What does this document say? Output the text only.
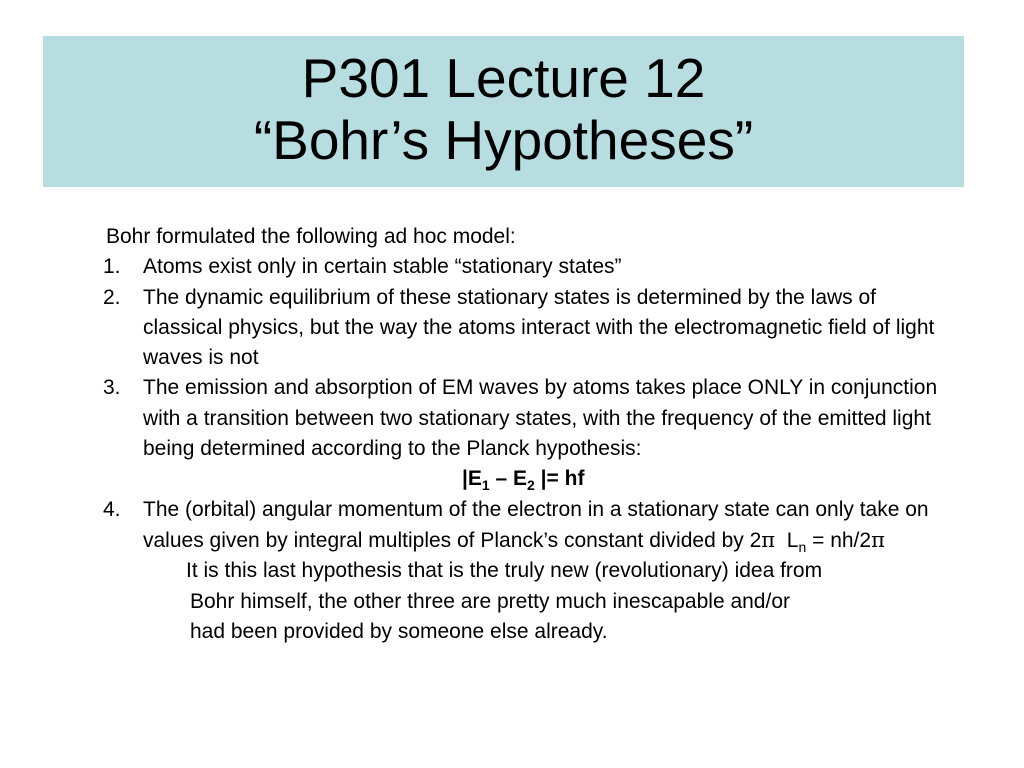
P301 Lecture 12
“Bohr’s Hypotheses”
Bohr formulated the following ad hoc model:
1.	Atoms exist only in certain stable “stationary states”
2.	The dynamic equilibrium of these stationary states is determined by the laws of classical physics, but the way the atoms interact with the electromagnetic field of light waves is not
3.	The emission and absorption of EM waves by atoms takes place ONLY in conjunction with a transition between two stationary states, with the frequency of the emitted light being determined according to the Planck hypothesis:
$|E_1 - E_2$ |= hf
4.	The (orbital) angular momentum of the electron in a stationary state can only take on values given by integral multiples of Planck’s constant divided by 2π $L_n = nh/2\pi$
It is this last hypothesis that is the truly new (revolutionary) idea from Bohr himself, the other three are pretty much inescapable and/or had been provided by someone else already.
